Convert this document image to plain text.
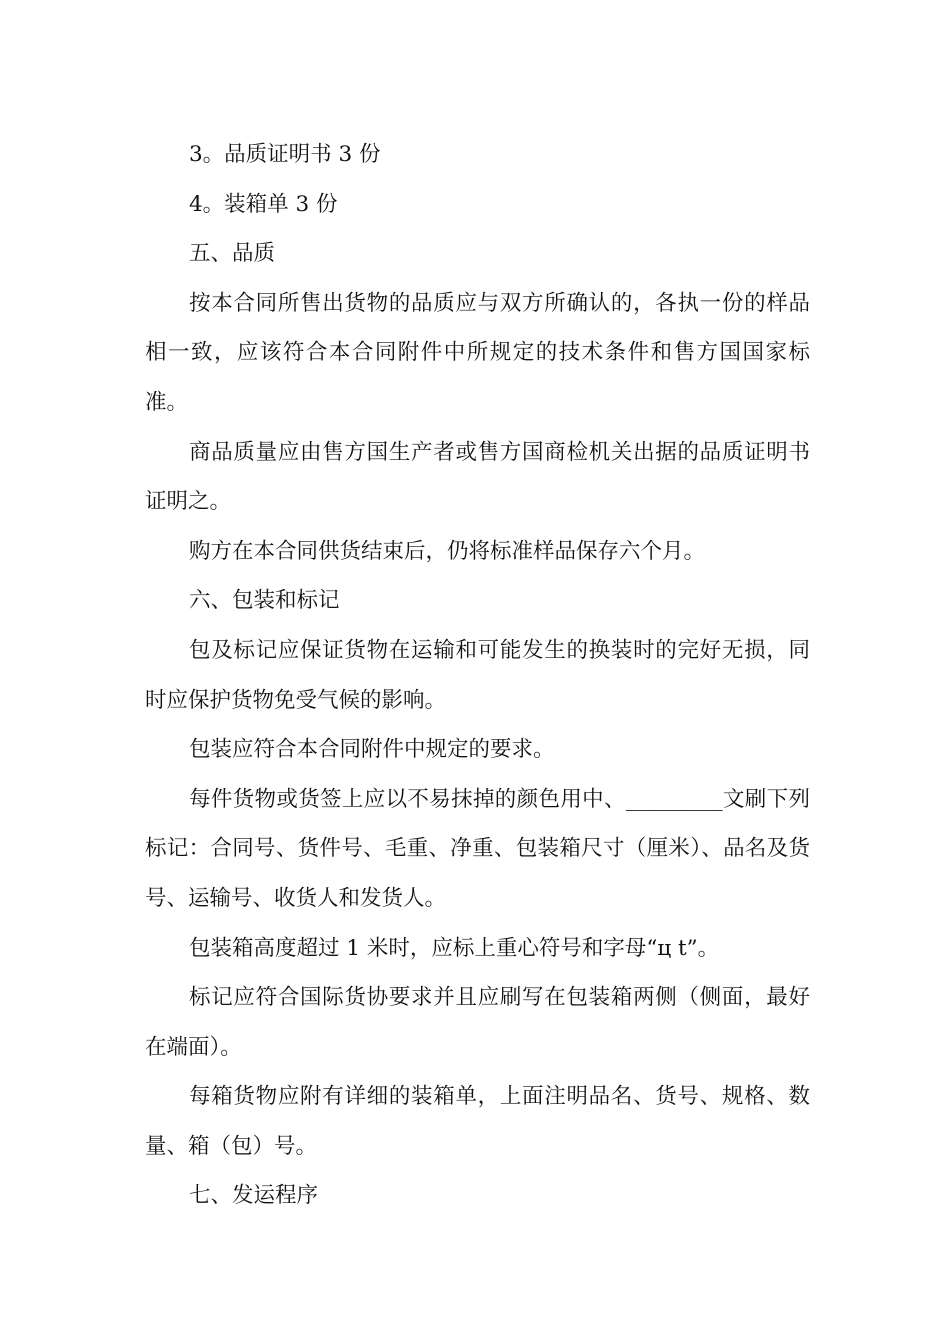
3。品质证明书 3 份

4。装箱单 3 份

五、品质

按本合同所售出货物的品质应与双方所确认的，各执一份的样品相一致，应该符合本合同附件中所规定的技术条件和售方国国家标准。

商品质量应由售方国生产者或售方国商检机关出据的品质证明书证明之。

购方在本合同供货结束后，仍将标准样品保存六个月。

六、包装和标记

包及标记应保证货物在运输和可能发生的换装时的完好无损，同时应保护货物免受气候的影响。

包装应符合本合同附件中规定的要求。

每件货物或货签上应以不易抹掉的颜色用中、_________文刷下列标记：合同号、货件号、毛重、净重、包装箱尺寸（厘米）、品名及货号、运输号、收货人和发货人。

包装箱高度超过 1 米时，应标上重心符号和字母“ц t”。

标记应符合国际货协要求并且应刷写在包装箱两侧（侧面，最好在端面）。

每箱货物应附有详细的装箱单，上面注明品名、货号、规格、数量、箱（包）号。

七、发运程序
